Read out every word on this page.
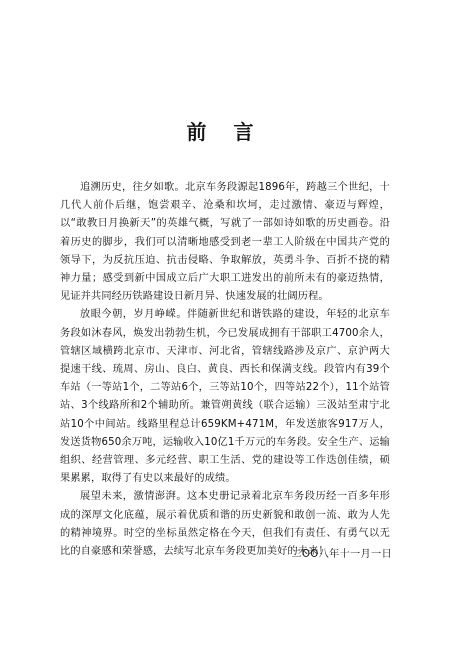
前 言

追溯历史，往夕如歌。北京车务段源起1896年，跨越三个世纪，十几代人前仆后继，饱尝艰辛、沧桑和坎坷，走过激情、豪迈与辉煌，以“敢教日月换新天”的英雄气概，写就了一部如诗如歌的历史画卷。沿着历史的脚步，我们可以清晰地感受到老一辈工人阶级在中国共产党的领导下，为反抗压迫、抗击侵略、争取解放，英勇斗争、百折不挠的精神力量；感受到新中国成立后广大职工进发出的前所未有的豪迈热情，见证并共同经历铁路建设日新月异、快速发展的壮阔历程。

放眼今朝，岁月峥嵘。伴随新世纪和谐铁路的建设，年轻的北京车务段如沐春风，焕发出勃勃生机，今已发展成拥有干部职工4700余人，管辖区域横跨北京市、天津市、河北省，管辖线路涉及京广、京沪两大提速干线、琉周、房山、良白、黄良、西长和保满支线。段管内有39个车站（一等站1个，二等站6个，三等站10个，四等站22个），11个站管站、3个线路所和2个辅助所。兼管朔黄线（联合运输）三汲站至肃宁北站10个中间站。线路里程总计659KM+471M，年发送旅客917万人，发送货物650余万吨，运输收入10亿1千万元的车务段。安全生产、运输组织、经营管理、多元经营、职工生活、党的建设等工作迭创佳绩，硕果累累，取得了有史以来最好的成绩。

展望未来，激情澎湃。这本史册记录着北京车务段历经一百多年形成的深厚文化底蕴，展示着优质和谐的历史新貌和敢创一流、敢为人先的精神境界。时空的坐标虽然定格在今天，但我们有责任、有勇气以无比的自豪感和荣誉感，去续写北京车务段更加美好的未来！

二OO八年十一月一日
